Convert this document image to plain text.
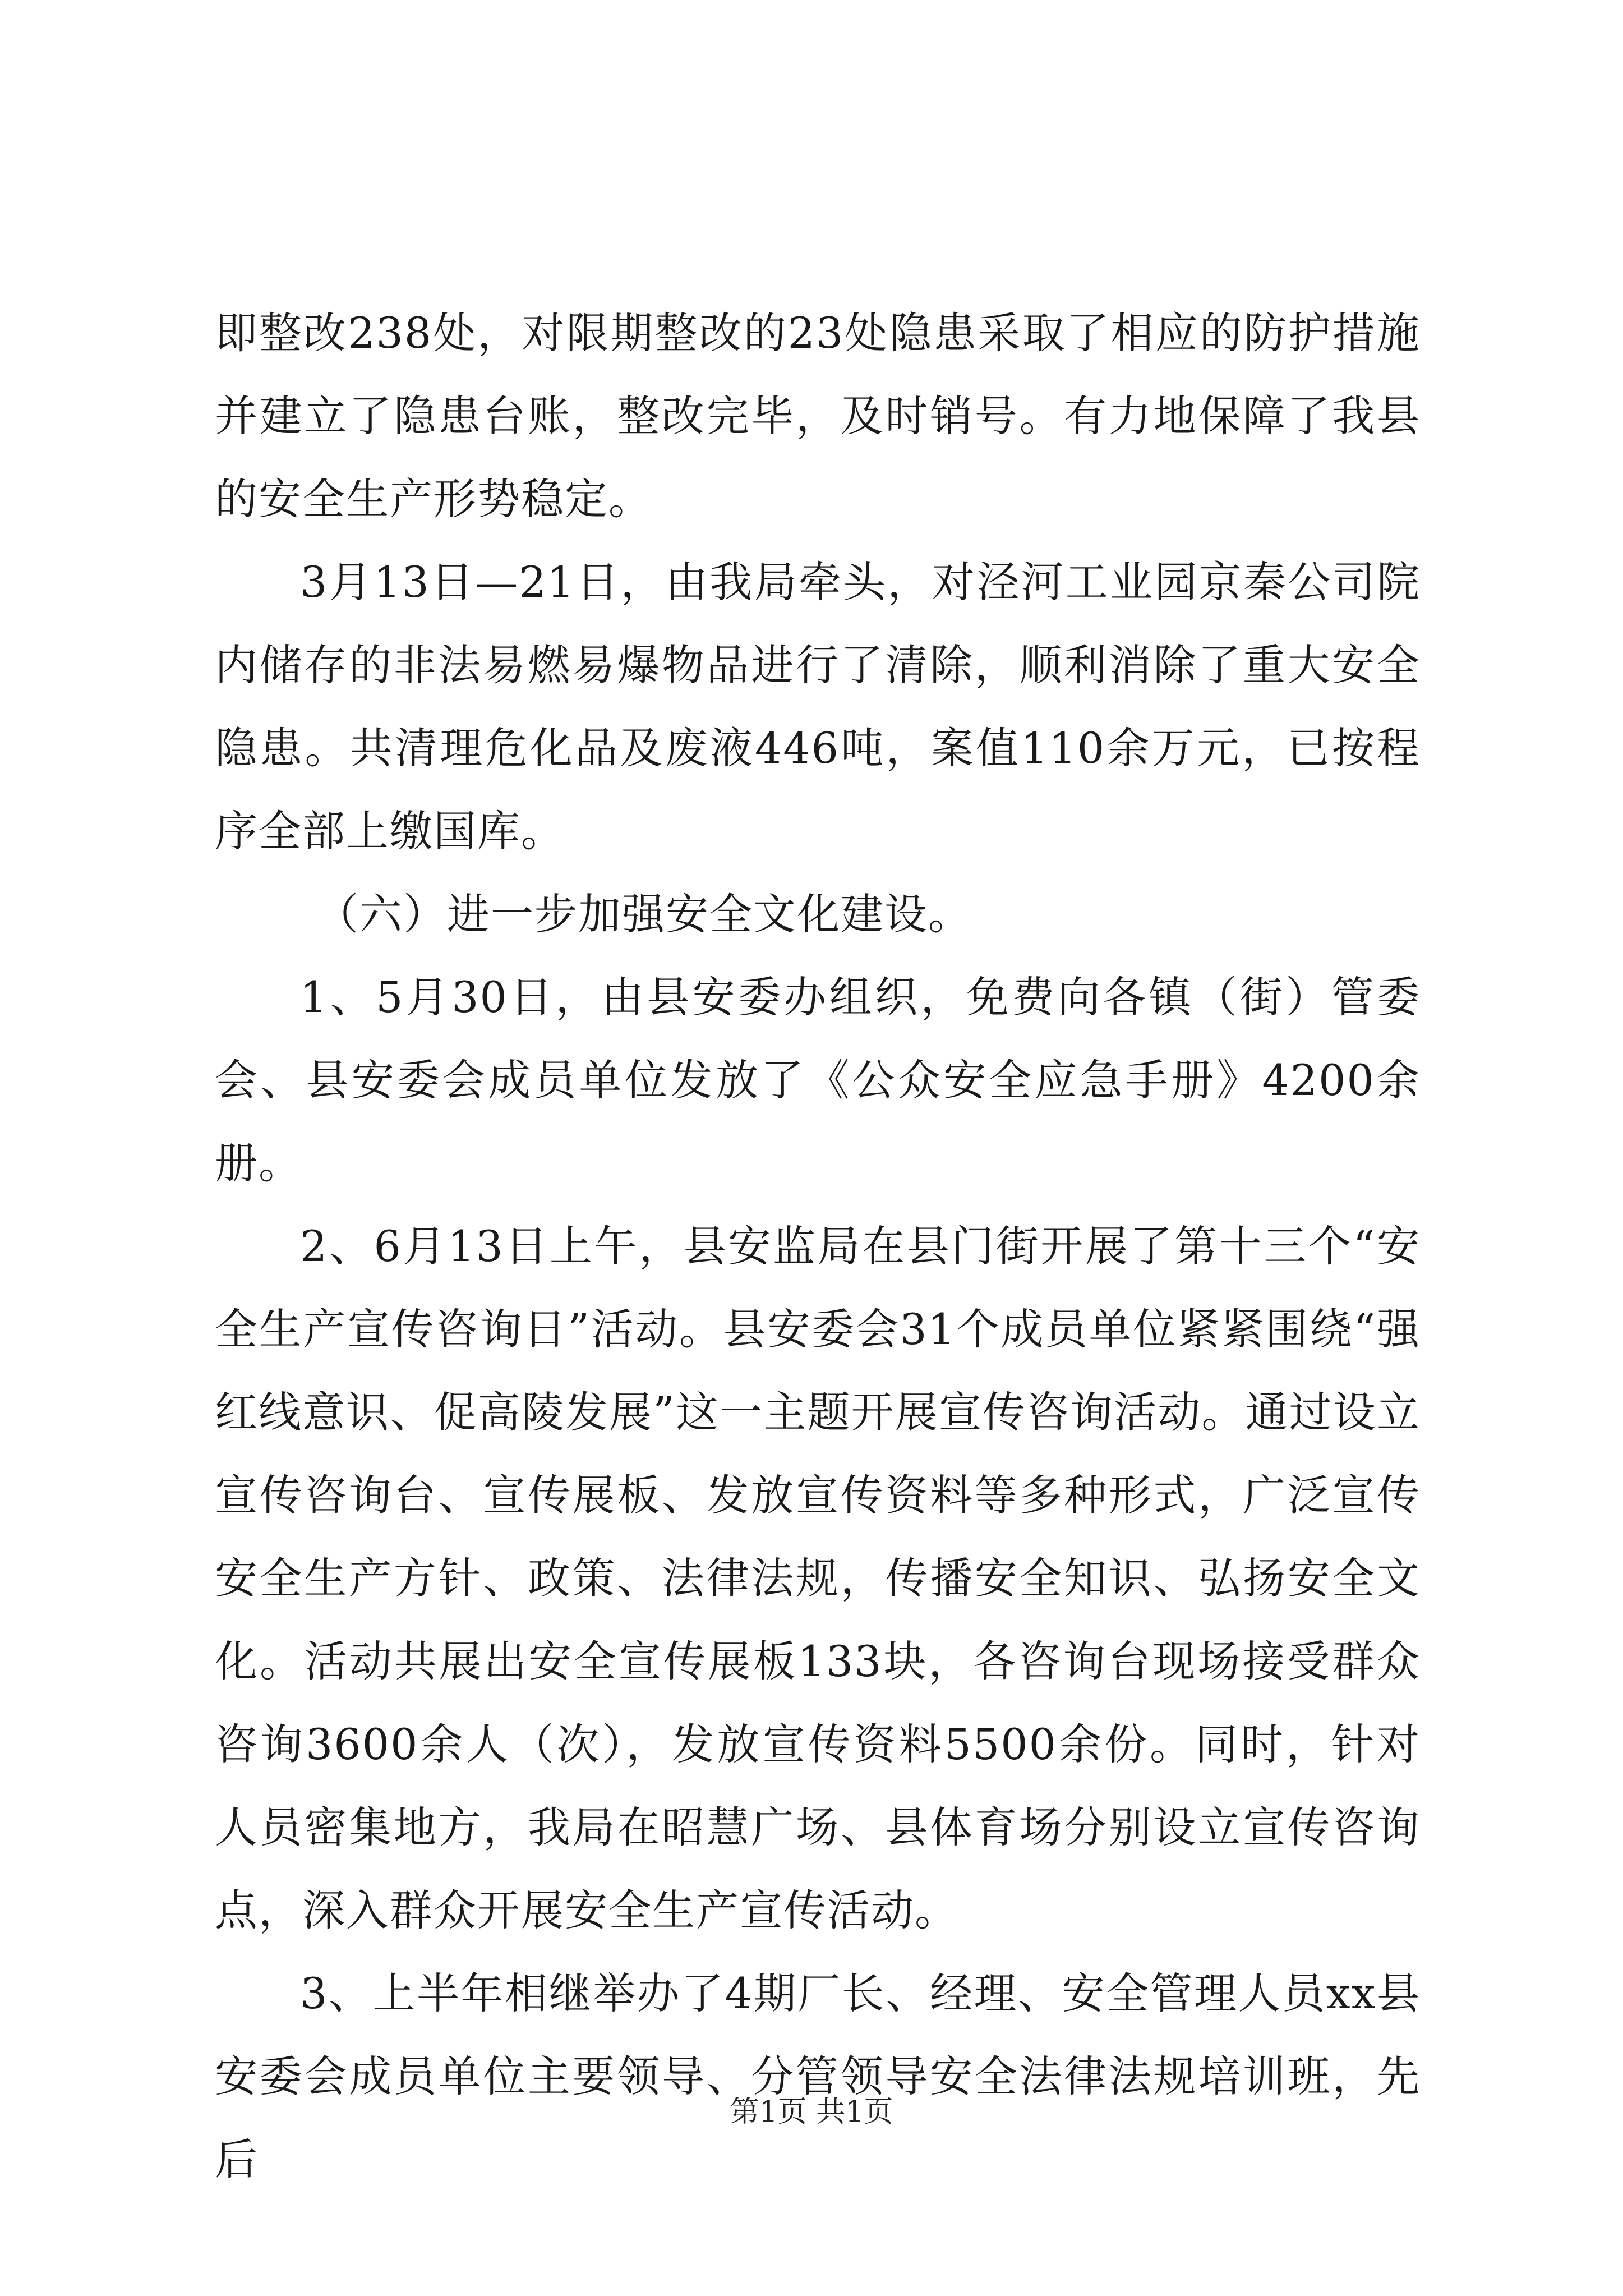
即整改238处，对限期整改的23处隐患采取了相应的防护措施并建立了隐患台账，整改完毕，及时销号。有力地保障了我县的安全生产形势稳定。

3月13日—21日，由我局牵头，对泾河工业园京秦公司院内储存的非法易燃易爆物品进行了清除，顺利消除了重大安全隐患。共清理危化品及废液446吨，案值110余万元，已按程序全部上缴国库。

（六）进一步加强安全文化建设。

1、5月30日，由县安委办组织，免费向各镇（街）管委会、县安委会成员单位发放了《公众安全应急手册》4200余册。

2、6月13日上午，县安监局在县门街开展了第十三个“安全生产宣传咨询日”活动。县安委会31个成员单位紧紧围绕“强红线意识、促高陵发展”这一主题开展宣传咨询活动。通过设立宣传咨询台、宣传展板、发放宣传资料等多种形式，广泛宣传安全生产方针、政策、法律法规，传播安全知识、弘扬安全文化。活动共展出安全宣传展板133块，各咨询台现场接受群众咨询3600余人（次），发放宣传资料5500余份。同时，针对人员密集地方，我局在昭慧广场、县体育场分别设立宣传咨询点，深入群众开展安全生产宣传活动。

3、上半年相继举办了4期厂长、经理、安全管理人员xx县安委会成员单位主要领导、分管领导安全法律法规培训班，先后

第1页 共1页
